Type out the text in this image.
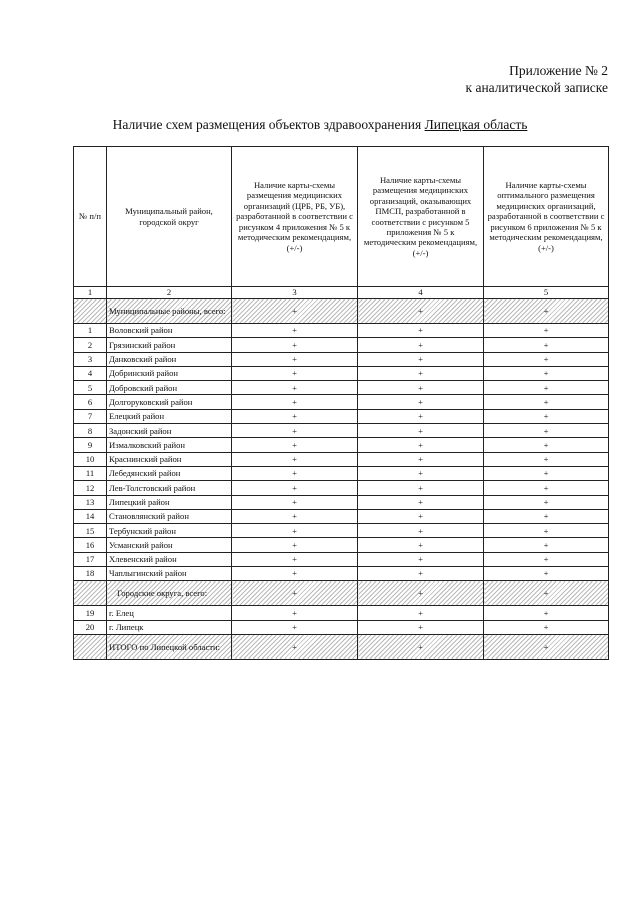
Приложение № 2
к аналитической записке
Наличие схем размещения объектов здравоохранения Липецкая область
№ п/п	Муниципальный район, городской округ	Наличие карты-схемы размещения медицинских организаций (ЦРБ, РБ, УБ), разработанной в соответствии с рисунком 4 приложения № 5 к методическим рекомендациям, (+/-)	Наличие карты-схемы размещения медицинских организаций, оказывающих ПМСП, разработанной в соответствии с рисунком 5 приложения № 5 к методическим рекомендациям, (+/-)	Наличие карты-схемы оптимального размещения медицинских организаций, разработанной в соответствии с рисунком 6 приложения № 5 к методическим рекомендациям, (+/-)
1	2	3	4	5
	Муниципальные районы, всего:	+	+	+
1	Воловский район	+	+	+
2	Грязинский район	+	+	+
3	Данковский район	+	+	+
4	Добринский район	+	+	+
5	Добровский район	+	+	+
6	Долгоруковский район	+	+	+
7	Елецкий район	+	+	+
8	Задонский район	+	+	+
9	Измалковский район	+	+	+
10	Краснинский район	+	+	+
11	Лебедянский район	+	+	+
12	Лев-Толстовский район	+	+	+
13	Липецкий район	+	+	+
14	Становлянский район	+	+	+
15	Тербунский район	+	+	+
16	Усманский район	+	+	+
17	Хлевенский район	+	+	+
18	Чаплыгинский район	+	+	+
	Городские округа, всего:	+	+	+
19	г. Елец	+	+	+
20	г. Липецк	+	+	+
	ИТОГО по Липецкой области:	+	+	+
